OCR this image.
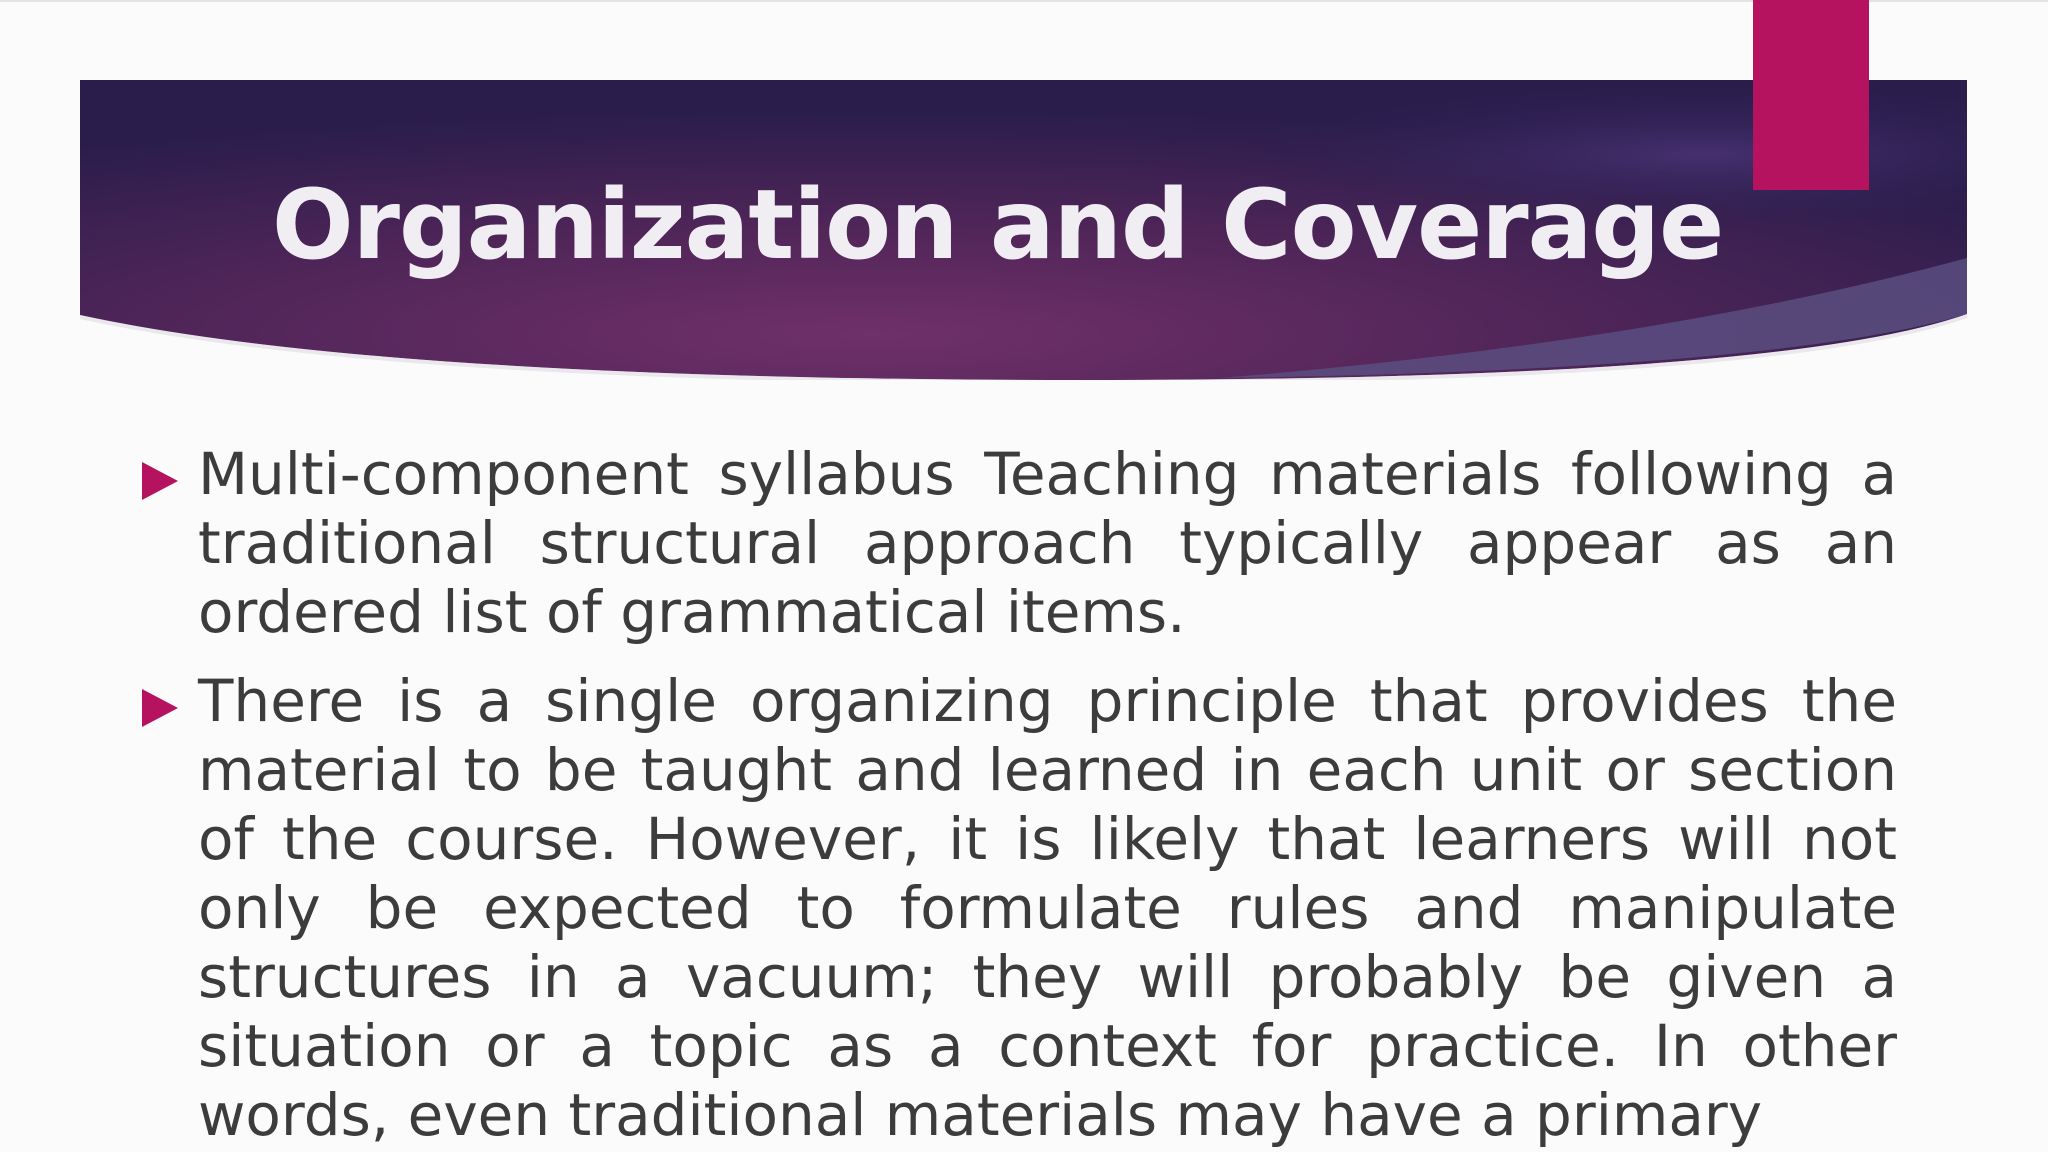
Organization and Coverage
Multi-component syllabus Teaching materials following a traditional structural approach typically appear as an ordered list of grammatical items.
There is a single organizing principle that provides the material to be taught and learned in each unit or section of the course. However, it is likely that learners will not only be expected to formulate rules and manipulate structures in a vacuum; they will probably be given a situation or a topic as a context for practice. In other words, even traditional materials may have a primary
